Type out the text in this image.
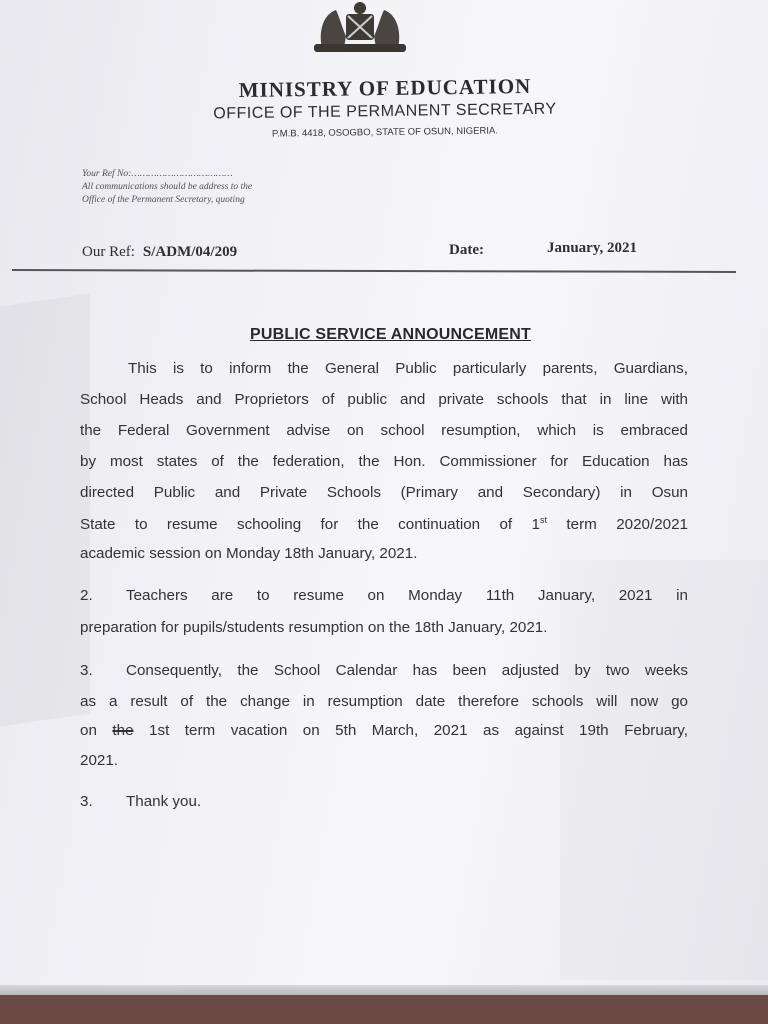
MINISTRY OF EDUCATION
OFFICE OF THE PERMANENT SECRETARY
P.M.B. 4418, OSOGBO, STATE OF OSUN, NIGERIA.
Your Ref No:………………………………
All communications should be address to the
Office of the Permanent Secretary, quoting
Our Ref: S/ADM/04/209	Date:	January, 2021
PUBLIC SERVICE ANNOUNCEMENT
This is to inform the General Public particularly parents, Guardians,
School Heads and Proprietors of public and private schools that in line with
the Federal Government advise on school resumption, which is embraced
by most states of the federation, the Hon. Commissioner for Education has
directed Public and Private Schools (Primary and Secondary) in Osun
State to resume schooling for the continuation of 1st term 2020/2021
academic session on Monday 18th January, 2021.
2. Teachers are to resume on Monday 11th January, 2021 in
preparation for pupils/students resumption on the 18th January, 2021.
3. Consequently, the School Calendar has been adjusted by two weeks
as a result of the change in resumption date therefore schools will now go
on the 1st term vacation on 5th March, 2021 as against 19th February,
2021.
3. Thank you.
